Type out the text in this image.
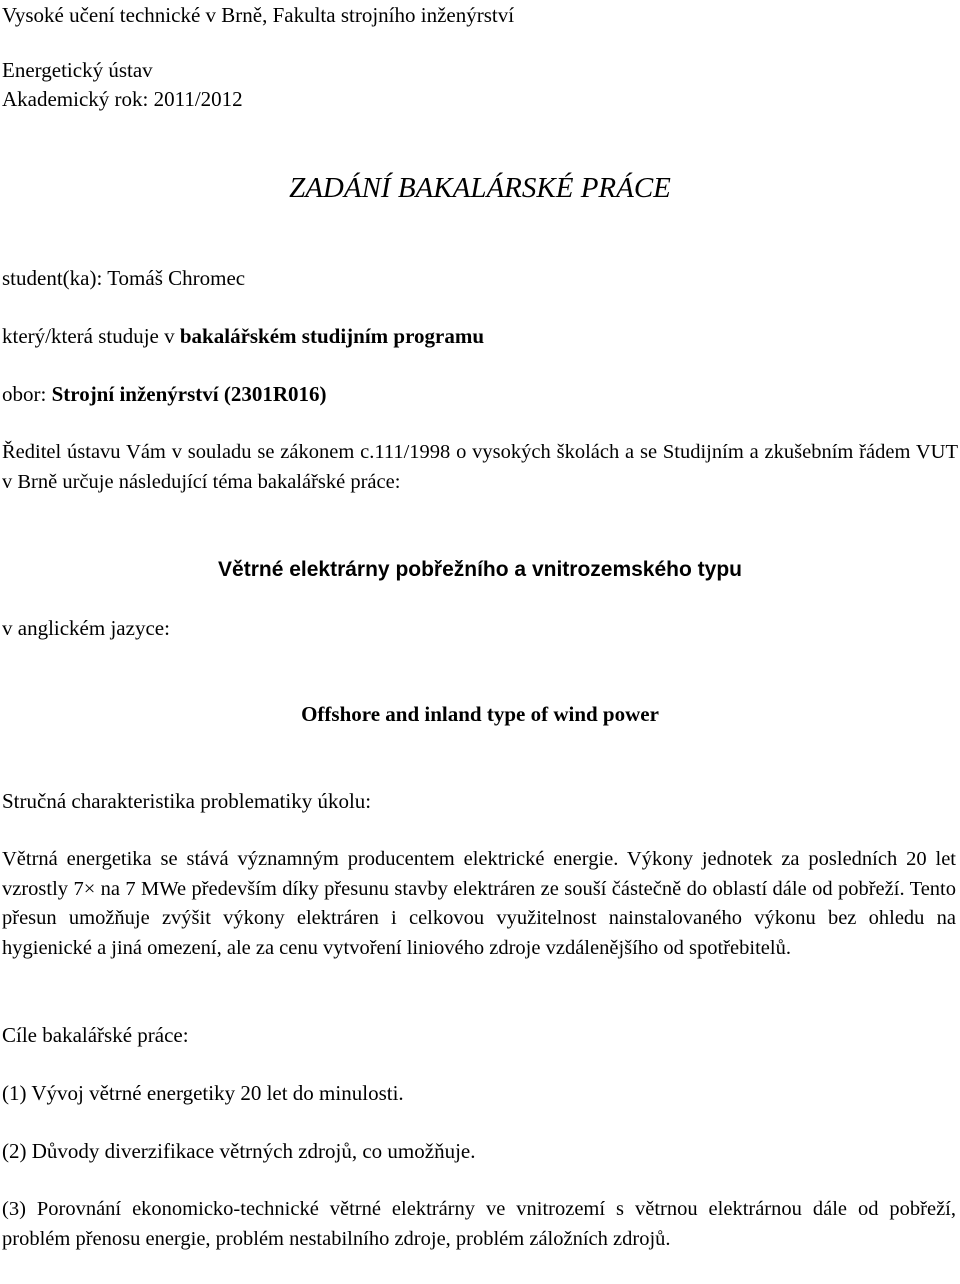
Vysoké učení technické v Brně, Fakulta strojního inženýrství
Energetický ústav
Akademický rok: 2011/2012
ZADÁNÍ BAKALÁRSKÉ PRÁCE
student(ka): Tomáš Chromec
který/která studuje v bakalářském studijním programu
obor: Strojní inženýrství (2301R016)
Ředitel ústavu Vám v souladu se zákonem c.111/1998 o vysokých školách a se Studijním a zkušebním řádem VUT v Brně určuje následující téma bakalářské práce:
Větrné elektrárny pobřežního a vnitrozemského typu
v anglickém jazyce:
Offshore and inland type of wind power
Stručná charakteristika problematiky úkolu:
Větrná energetika se stává významným producentem elektrické energie. Výkony jednotek za posledních 20 let vzrostly 7× na 7 MWe především díky přesunu stavby elektráren ze souší částečně do oblastí dále od pobřeží. Tento přesun umožňuje zvýšit výkony elektráren i celkovou využitelnost nainstalovaného výkonu bez ohledu na hygienické a jiná omezení, ale za cenu vytvoření liniového zdroje vzdálenějšího od spotřebitelů.
Cíle bakalářské práce:
(1) Vývoj větrné energetiky 20 let do minulosti.
(2) Důvody diverzifikace větrných zdrojů, co umožňuje.
(3) Porovnání ekonomicko-technické větrné elektrárny ve vnitrozemí s větrnou elektrárnou dále od pobřeží, problém přenosu energie, problém nestabilního zdroje, problém záložních zdrojů.
